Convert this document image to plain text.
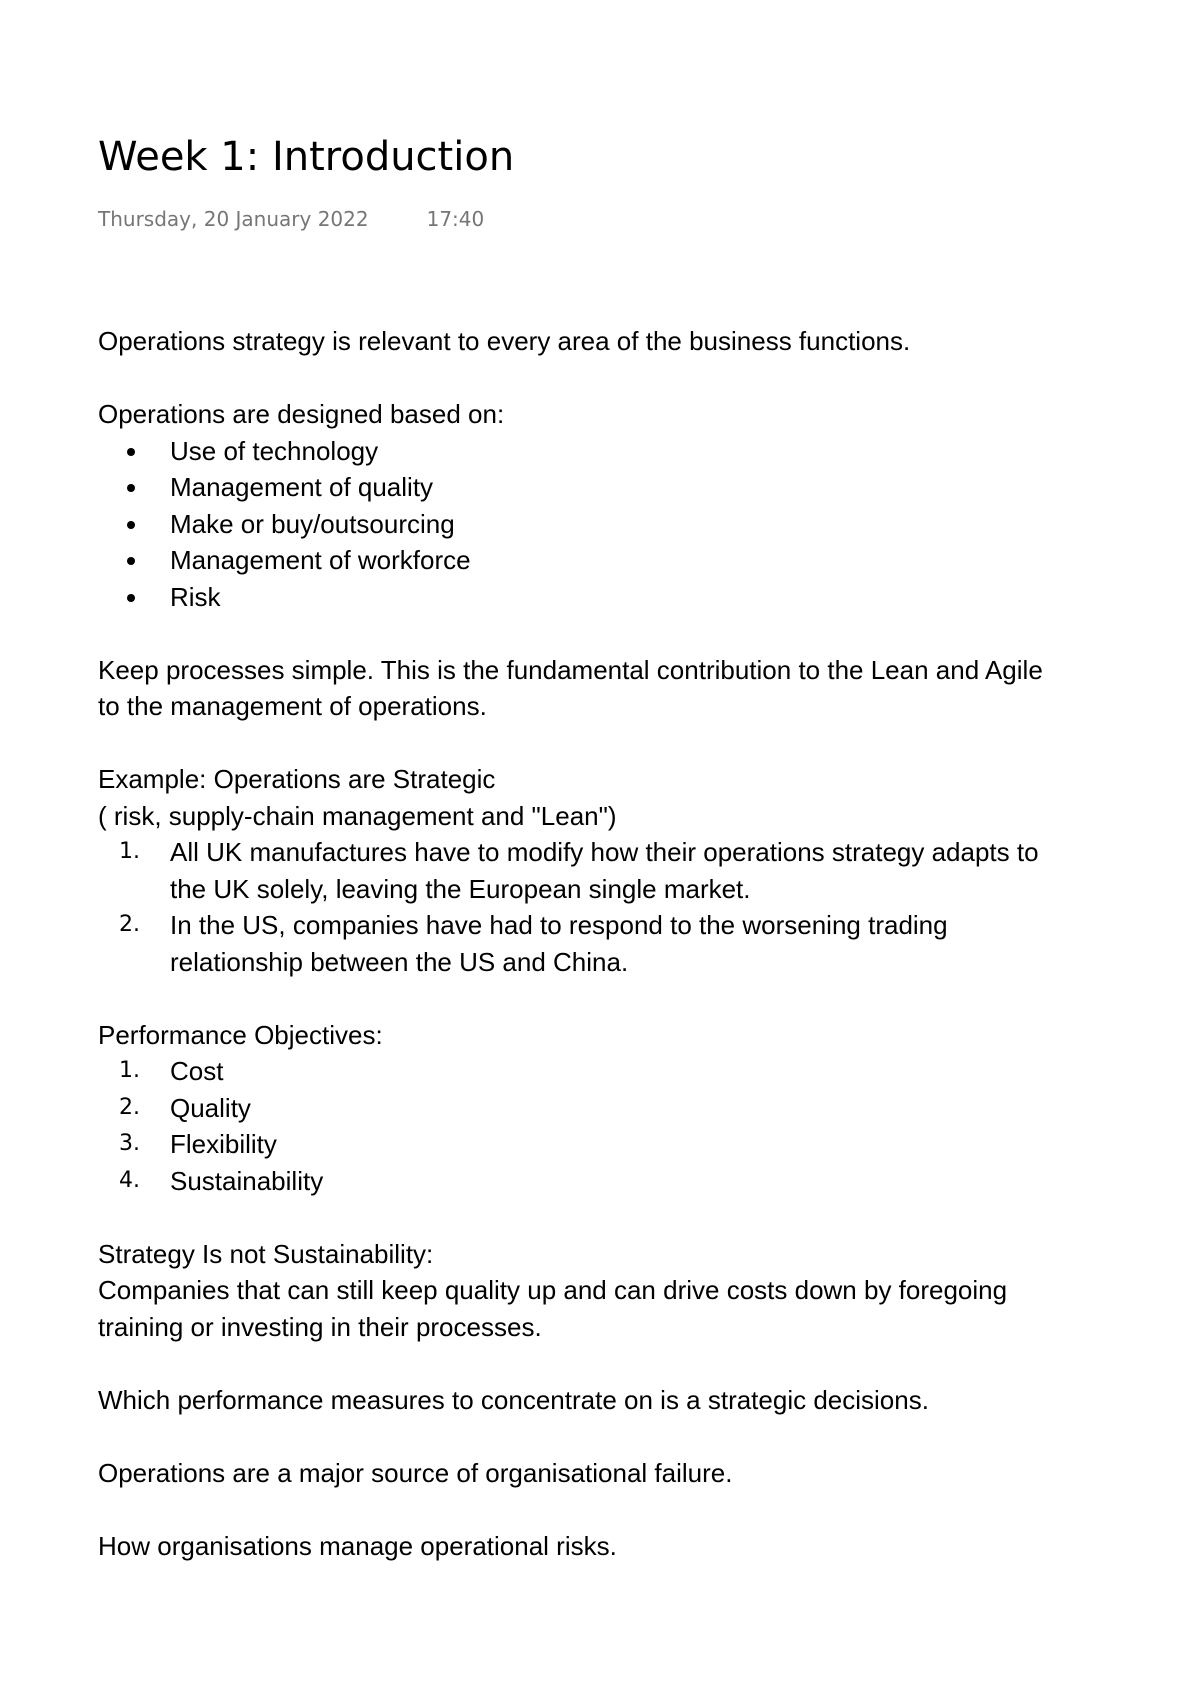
Week 1: Introduction
Thursday, 20 January 2022	17:40

Operations strategy is relevant to every area of the business functions.

Operations are designed based on:

Use of technology
Management of quality
Make or buy/outsourcing
Management of workforce
Risk

Keep processes simple. This is the fundamental contribution to the Lean and Agile

to the management of operations.

Example: Operations are Strategic

( risk, supply-chain management and "Lean")

1. All UK manufactures have to modify how their operations strategy adapts to
the UK solely, leaving the European single market.
2. In the US, companies have had to respond to the worsening trading
relationship between the US and China.

Performance Objectives:

1. Cost
2. Quality
3. Flexibility
4. Sustainability

Strategy Is not Sustainability:

Companies that can still keep quality up and can drive costs down by foregoing

training or investing in their processes.

Which performance measures to concentrate on is a strategic decisions.

Operations are a major source of organisational failure.

How organisations manage operational risks.
